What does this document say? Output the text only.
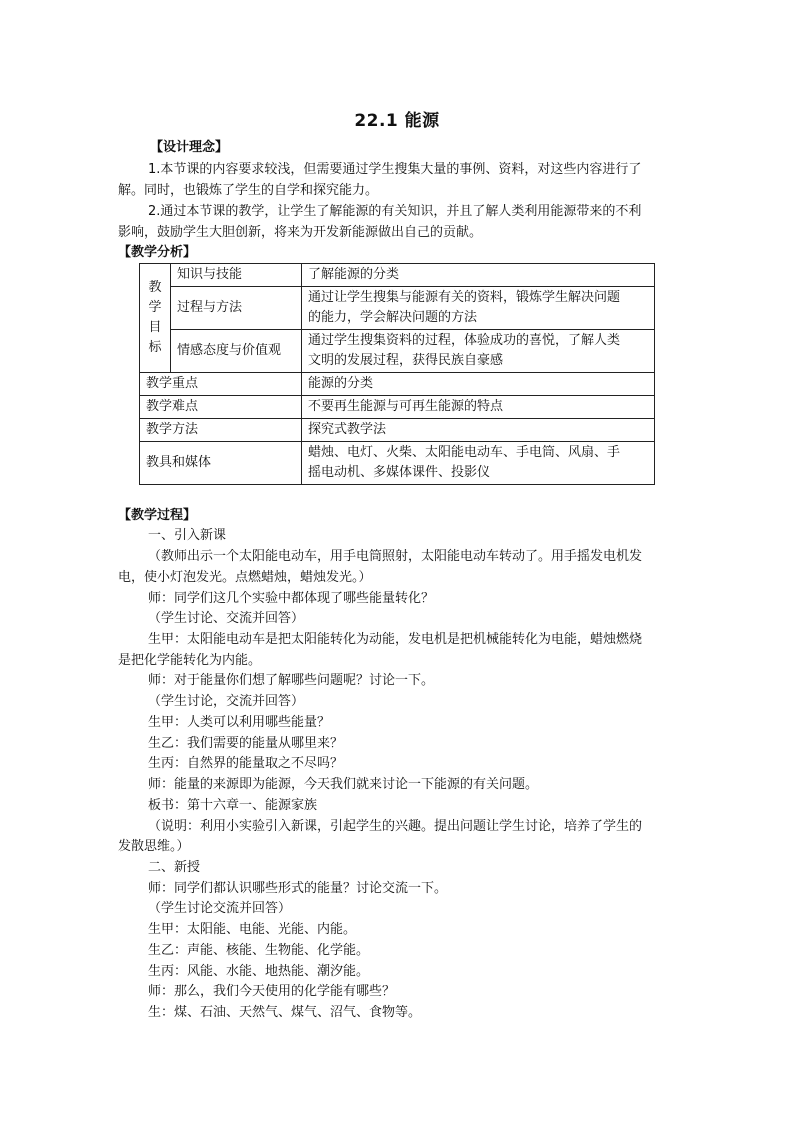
22.1 能源
【设计理念】
1.本节课的内容要求较浅，但需要通过学生搜集大量的事例、资料，对这些内容进行了
解。同时，也锻炼了学生的自学和探究能力。
2.通过本节课的教学，让学生了解能源的有关知识，并且了解人类利用能源带来的不利
影响，鼓励学生大胆创新，将来为开发新能源做出自己的贡献。
【教学分析】
教学目标	知识与技能	了解能源的分类

	过程与方法	通过让学生搜集与能源有关的资料，锻炼学生解决问题
的能力，学会解决问题的方法

	情感态度与价值观	通过学生搜集资料的过程，体验成功的喜悦，了解人类
文明的发展过程，获得民族自豪感

教学重点		能源的分类
教学难点		不要再生能源与可再生能源的特点
教学方法		探究式教学法
教具和媒体		蜡烛、电灯、火柴、太阳能电动车、手电筒、风扇、手
摇电动机、多媒体课件、投影仪
【教学过程】
一、引入新课
（教师出示一个太阳能电动车，用手电筒照射，太阳能电动车转动了。用手摇发电机发
电，使小灯泡发光。点燃蜡烛，蜡烛发光。）
师：同学们这几个实验中都体现了哪些能量转化？
（学生讨论、交流并回答）
生甲：太阳能电动车是把太阳能转化为动能，发电机是把机械能转化为电能，蜡烛燃烧
是把化学能转化为内能。
师：对于能量你们想了解哪些问题呢？讨论一下。
（学生讨论，交流并回答）
生甲：人类可以利用哪些能量？
生乙：我们需要的能量从哪里来？
生丙：自然界的能量取之不尽吗？
师：能量的来源即为能源，今天我们就来讨论一下能源的有关问题。
板书：第十六章一、能源家族
（说明：利用小实验引入新课，引起学生的兴趣。提出问题让学生讨论，培养了学生的
发散思维。）
二、新授
师：同学们都认识哪些形式的能量？讨论交流一下。
（学生讨论交流并回答）
生甲：太阳能、电能、光能、内能。
生乙：声能、核能、生物能、化学能。
生丙：风能、水能、地热能、潮汐能。
师：那么，我们今天使用的化学能有哪些？
生：煤、石油、天然气、煤气、沼气、食物等。
